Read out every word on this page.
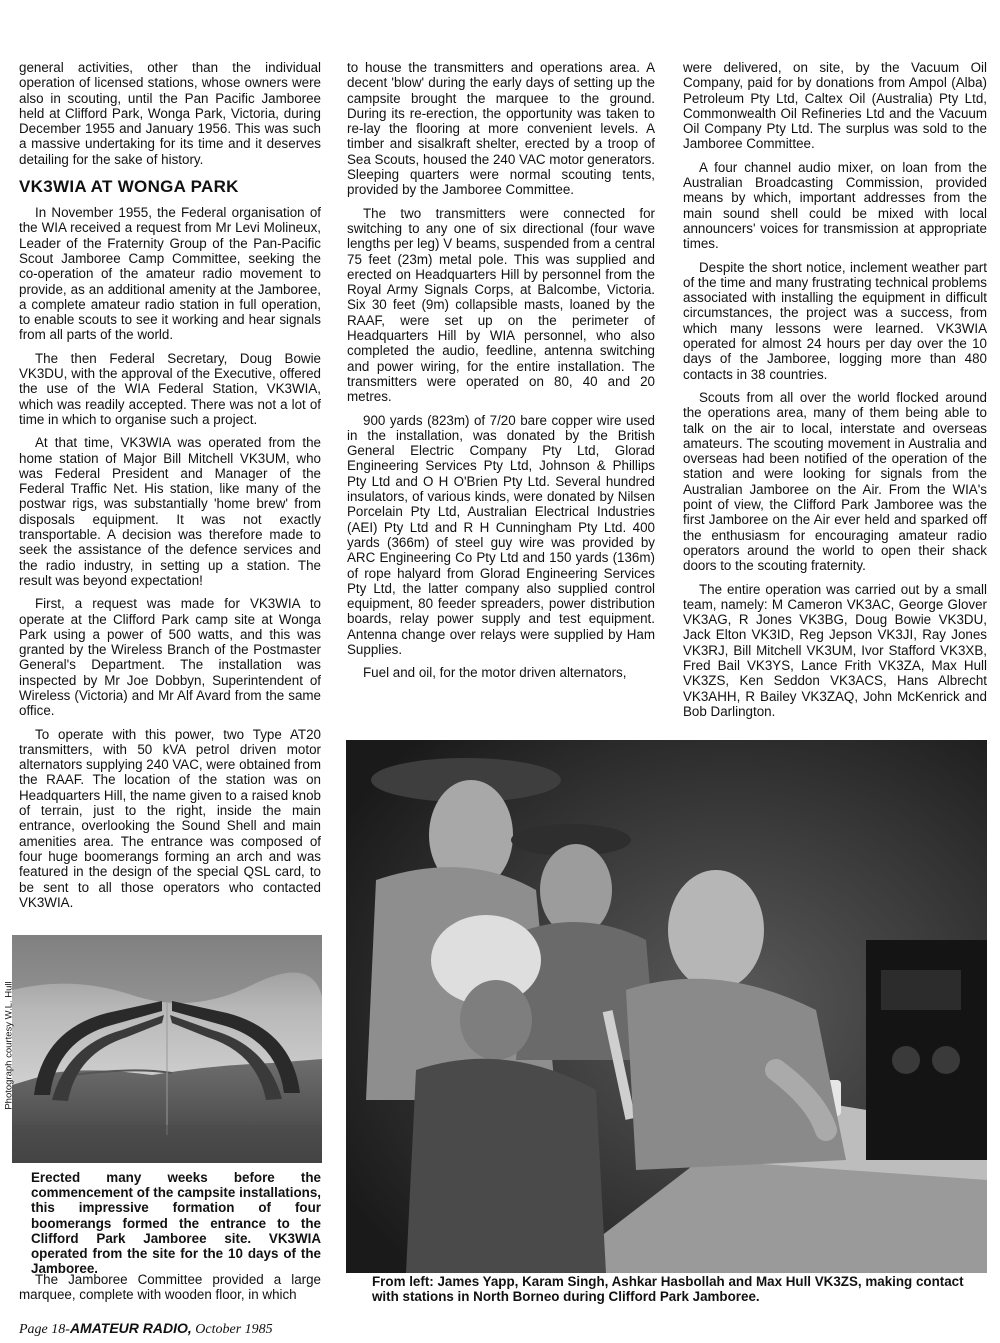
general activities, other than the individual operation of licensed stations, whose owners were also in scouting, until the Pan Pacific Jamboree held at Clifford Park, Wonga Park, Victoria, during December 1955 and January 1956. This was such a massive undertaking for its time and it deserves detailing for the sake of history.

VK3WIA AT WONGA PARK

In November 1955, the Federal organisation of the WIA received a request from Mr Levi Molineux, Leader of the Fraternity Group of the Pan-Pacific Scout Jamboree Camp Committee, seeking the co-operation of the amateur radio movement to provide, as an additional amenity at the Jamboree, a complete amateur radio station in full operation, to enable scouts to see it working and hear signals from all parts of the world.

The then Federal Secretary, Doug Bowie VK3DU, with the approval of the Executive, offered the use of the WIA Federal Station, VK3WIA, which was readily accepted. There was not a lot of time in which to organise such a project.

At that time, VK3WIA was operated from the home station of Major Bill Mitchell VK3UM, who was Federal President and Manager of the Federal Traffic Net. His station, like many of the postwar rigs, was substantially 'home brew' from disposals equipment. It was not exactly transportable. A decision was therefore made to seek the assistance of the defence services and the radio industry, in setting up a station. The result was beyond expectation!

First, a request was made for VK3WIA to operate at the Clifford Park camp site at Wonga Park using a power of 500 watts, and this was granted by the Wireless Branch of the Postmaster General's Department. The installation was inspected by Mr Joe Dobbyn, Superintendent of Wireless (Victoria) and Mr Alf Avard from the same office.

To operate with this power, two Type AT20 transmitters, with 50 kVA petrol driven motor alternators supplying 240 VAC, were obtained from the RAAF. The location of the station was on Headquarters Hill, the name given to a raised knob of terrain, just to the right, inside the main entrance, overlooking the Sound Shell and main amenities area. The entrance was composed of four huge boomerangs forming an arch and was featured in the design of the special QSL card, to be sent to all those operators who contacted VK3WIA.

Photograph courtesy W.L. Hull
Erected many weeks before the commencement of the campsite installations, this impressive formation of four boomerangs formed the entrance to the Clifford Park Jamboree site. VK3WIA operated from the site for the 10 days of the Jamboree.

The Jamboree Committee provided a large marquee, complete with wooden floor, in which

to house the transmitters and operations area. A decent 'blow' during the early days of setting up the campsite brought the marquee to the ground. During its re-erection, the opportunity was taken to re-lay the flooring at more convenient levels. A timber and sisalkraft shelter, erected by a troop of Sea Scouts, housed the 240 VAC motor generators. Sleeping quarters were normal scouting tents, provided by the Jamboree Committee.

The two transmitters were connected for switching to any one of six directional (four wave lengths per leg) V beams, suspended from a central 75 feet (23m) metal pole. This was supplied and erected on Headquarters Hill by personnel from the Royal Army Signals Corps, at Balcombe, Victoria. Six 30 feet (9m) collapsible masts, loaned by the RAAF, were set up on the perimeter of Headquarters Hill by WIA personnel, who also completed the audio, feedline, antenna switching and power wiring, for the entire installation. The transmitters were operated on 80, 40 and 20 metres.

900 yards (823m) of 7/20 bare copper wire used in the installation, was donated by the British General Electric Company Pty Ltd, Glorad Engineering Services Pty Ltd, Johnson & Phillips Pty Ltd and O H O'Brien Pty Ltd. Several hundred insulators, of various kinds, were donated by Nilsen Porcelain Pty Ltd, Australian Electrical Industries (AEI) Pty Ltd and R H Cunningham Pty Ltd. 400 yards (366m) of steel guy wire was provided by ARC Engineering Co Pty Ltd and 150 yards (136m) of rope halyard from Glorad Engineering Services Pty Ltd, the latter company also supplied control equipment, 80 feeder spreaders, power distribution boards, relay power supply and test equipment. Antenna change over relays were supplied by Ham Supplies.

Fuel and oil, for the motor driven alternators,

were delivered, on site, by the Vacuum Oil Company, paid for by donations from Ampol (Alba) Petroleum Pty Ltd, Caltex Oil (Australia) Pty Ltd, Commonwealth Oil Refineries Ltd and the Vacuum Oil Company Pty Ltd. The surplus was sold to the Jamboree Committee.

A four channel audio mixer, on loan from the Australian Broadcasting Commission, provided means by which, important addresses from the main sound shell could be mixed with local announcers' voices for transmission at appropriate times.

Despite the short notice, inclement weather part of the time and many frustrating technical problems associated with installing the equipment in difficult circumstances, the project was a success, from which many lessons were learned. VK3WIA operated for almost 24 hours per day over the 10 days of the Jamboree, logging more than 480 contacts in 38 countries.

Scouts from all over the world flocked around the operations area, many of them being able to talk on the air to local, interstate and overseas amateurs. The scouting movement in Australia and overseas had been notified of the operation of the station and were looking for signals from the Australian Jamboree on the Air. From the WIA's point of view, the Clifford Park Jamboree was the first Jamboree on the Air ever held and sparked off the enthusiasm for encouraging amateur radio operators around the world to open their shack doors to the scouting fraternity.

The entire operation was carried out by a small team, namely: M Cameron VK3AC, George Glover VK3AG, R Jones VK3BG, Doug Bowie VK3DU, Jack Elton VK3ID, Reg Jepson VK3JI, Ray Jones VK3RJ, Bill Mitchell VK3UM, Ivor Stafford VK3XB, Fred Bail VK3YS, Lance Frith VK3ZA, Max Hull VK3ZS, Ken Seddon VK3ACS, Hans Albrecht VK3AHH, R Bailey VK3ZAQ, John McKenrick and Bob Darlington.

From left: James Yapp, Karam Singh, Ashkar Hasbollah and Max Hull VK3ZS, making contact with stations in North Borneo during Clifford Park Jamboree.
Page 18-AMATEUR RADIO, October 1985
